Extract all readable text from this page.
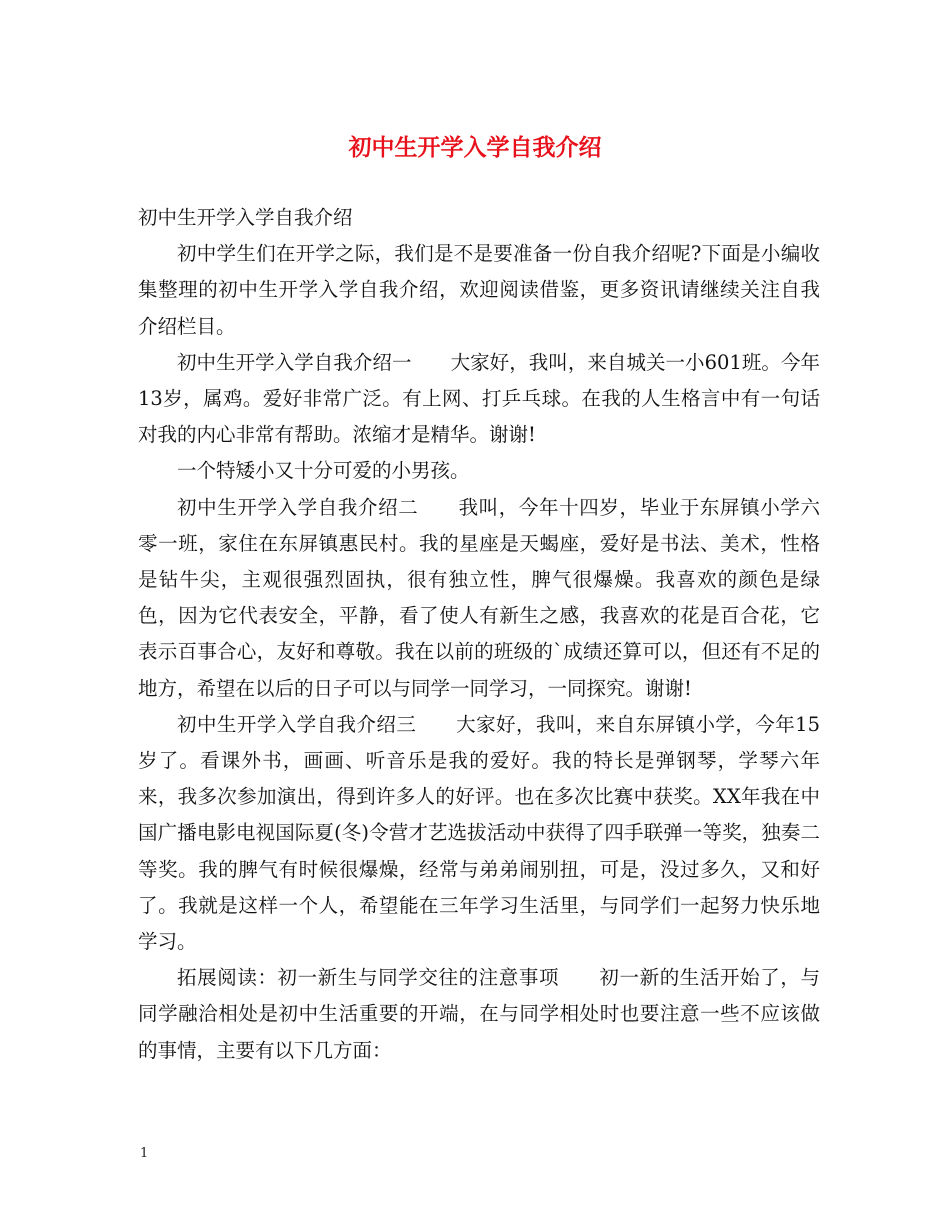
初中生开学入学自我介绍

初中生开学入学自我介绍

初中学生们在开学之际，我们是不是要准备一份自我介绍呢?下面是小编收集整理的初中生开学入学自我介绍，欢迎阅读借鉴，更多资讯请继续关注自我介绍栏目。

初中生开学入学自我介绍一　　大家好，我叫，来自城关一小601班。今年13岁，属鸡。爱好非常广泛。有上网、打乒乓球。在我的人生格言中有一句话对我的内心非常有帮助。浓缩才是精华。谢谢!

一个特矮小又十分可爱的小男孩。

初中生开学入学自我介绍二　　我叫，今年十四岁，毕业于东屏镇小学六零一班，家住在东屏镇惠民村。我的星座是天蝎座，爱好是书法、美术，性格是钻牛尖，主观很强烈固执，很有独立性，脾气很爆燥。我喜欢的颜色是绿色，因为它代表安全，平静，看了使人有新生之感，我喜欢的花是百合花，它表示百事合心，友好和尊敬。我在以前的班级的`成绩还算可以，但还有不足的地方，希望在以后的日子可以与同学一同学习，一同探究。谢谢!

初中生开学入学自我介绍三　　大家好，我叫，来自东屏镇小学，今年15岁了。看课外书，画画、听音乐是我的爱好。我的特长是弹钢琴，学琴六年来，我多次参加演出，得到许多人的好评。也在多次比赛中获奖。XX年我在中国广播电影电视国际夏(冬)令营才艺选拔活动中获得了四手联弹一等奖，独奏二等奖。我的脾气有时候很爆燥，经常与弟弟闹别扭，可是，没过多久，又和好了。我就是这样一个人，希望能在三年学习生活里，与同学们一起努力快乐地学习。

拓展阅读：初一新生与同学交往的注意事项　　初一新的生活开始了，与同学融洽相处是初中生活重要的开端，在与同学相处时也要注意一些不应该做的事情，主要有以下几方面：

1
